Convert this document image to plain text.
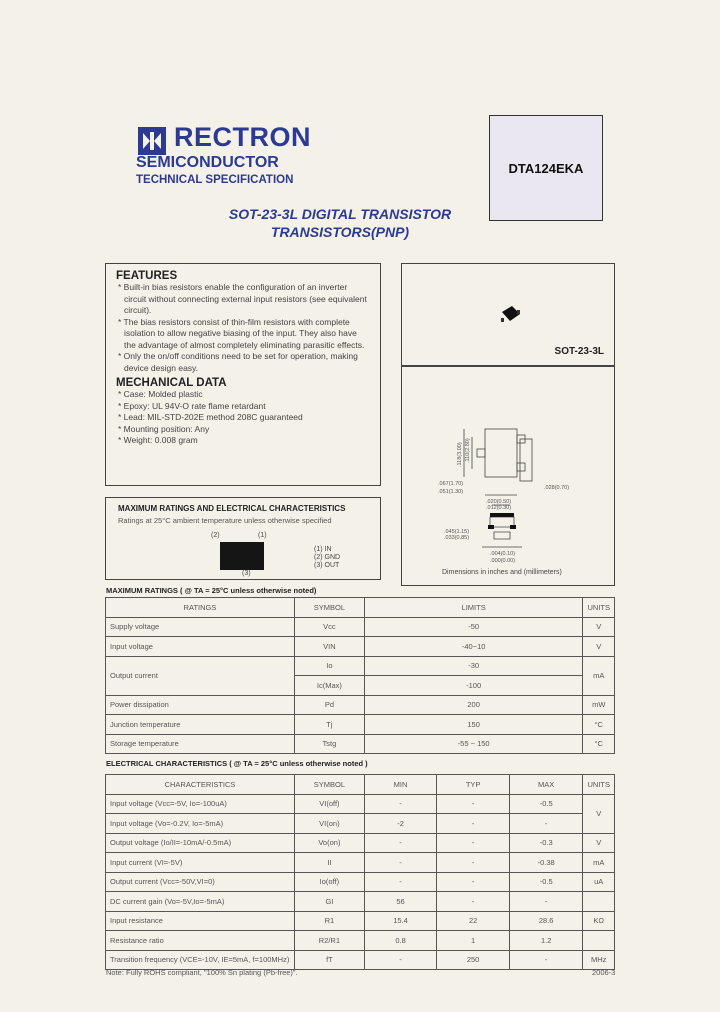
RECTRON
SEMICONDUCTOR
TECHNICAL SPECIFICATION
DTA124EKA
SOT-23-3L DIGITAL TRANSISTOR
TRANSISTORS(PNP)
FEATURES
* Built-in bias resistors enable the configuration of an inverter circuit without connecting external input resistors (see equivalent circuit).
* The bias resistors consist of thin-film resistors with complete isolation to allow negative biasing of the input. They also have the advantage of almost completely eliminating parasitic effects.
* Only the on/off conditions need to be set for operation, making device design easy.
MECHANICAL DATA
* Case: Molded plastic
* Epoxy: UL 94V-O rate flame retardant
* Lead: MIL-STD-202E method 208C guaranteed
* Mounting position: Any
* Weight: 0.008 gram
SOT-23-3L
.118(3.00) .110(2.80)
.067(1.70)
.051(1.30)
.020(0.50)
.012(0.30)
.028(0.70)
.045(1.15)
.033(0.85)
.004(0.10)
.000(0.00)
Dimensions in inches and (millimeters)
MAXIMUM RATINGS AND ELECTRICAL CHARACTERISTICS
Ratings at 25°C ambient temperature unless otherwise specified
(2)	(1)
(3)
(1) IN
(2) GND
(3) OUT
MAXIMUM RATINGS ( @ TA = 25°C unless otherwise noted)
RATINGS	SYMBOL	LIMITS	UNITS
Supply voltage	Vcc	-50	V
Input voltage	VIN	-40~10	V
Output current	Io	-30	mA
	Ic(Max)	-100	
Power dissipation	Pd	200	mW
Junction temperature	Tj	150	°C
Storage temperature	Tstg	-55 ~ 150	°C
ELECTRICAL CHARACTERISTICS ( @ TA = 25°C unless otherwise noted )
CHARACTERISTICS	SYMBOL	MIN	TYP	MAX	UNITS
Input voltage (Vcc=-5V, Io=-100uA)	VI(off)	-	-	-0.5	V
Input voltage (Vo=-0.2V, Io=-5mA)	VI(on)	-2	-	-	
Output voltage (Io/II=-10mA/-0.5mA)	Vo(on)	-	-	-0.3	V
Input current (VI=-5V)	II	-	-	-0.38	mA
Output current (Vcc=-50V,VI=0)	Io(off)	-	-	-0.5	uA
DC current gain (Vo=-5V,Io=-5mA)	GI	56	-	-	
Input resistance	R1	15.4	22	28.6	KΩ
Resistance ratio	R2/R1	0.8	1	1.2	
Transition frequency (VCE=-10V, IE=5mA, f=100MHz)	fT	-	250	-	MHz
Note: Fully ROHS compliant, "100% Sn plating (Pb-free)".	2006-3
